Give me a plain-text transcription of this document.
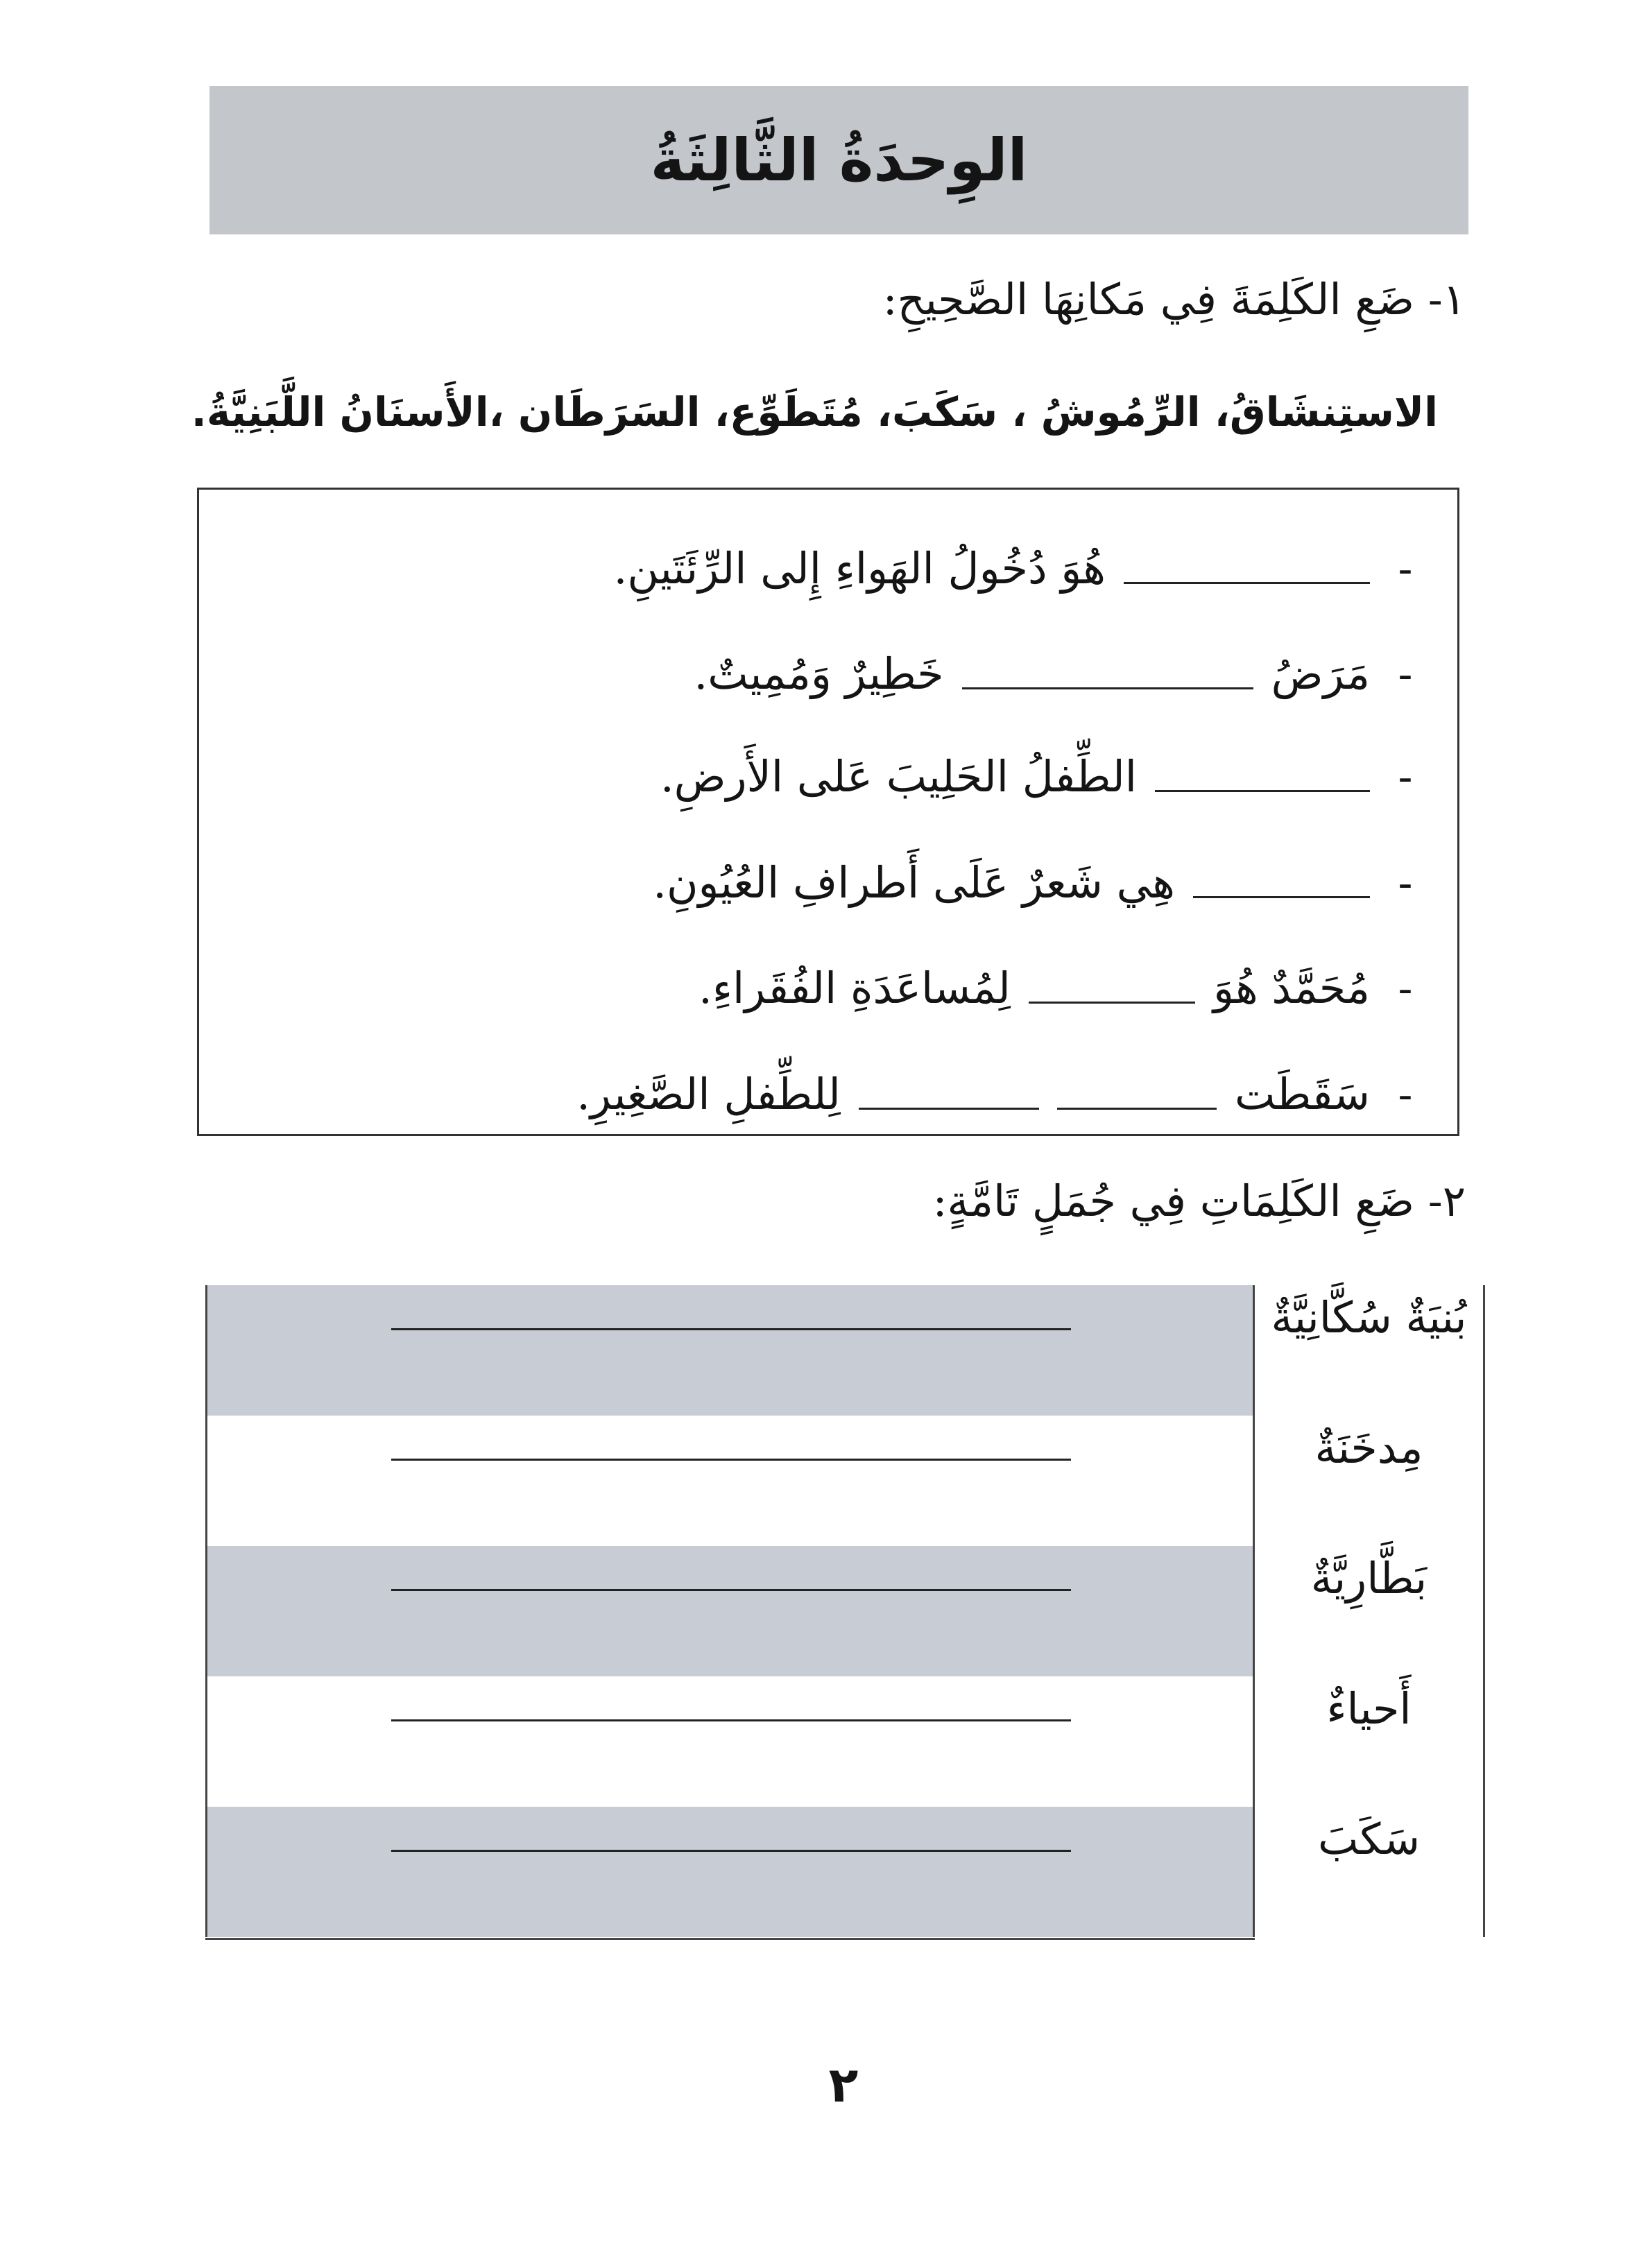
الوِحدَةُ الثَّالِثَةُ
١- ضَعِ الكَلِمَةَ فِي مَكانِهَا الصَّحِيحِ:
الاستِنشَاقُ، الرِّمُوشُ ، سَكَبَ، مُتَطَوِّع، السَرَطَان ،الأَسنَانُ اللَّبَنِيَّةُ.
-
هُوَ دُخُولُ الهَواءِ إِلى الرِّئَتَينِ.
-
مَرَضُ
خَطِيرٌ وَمُمِيتٌ.
-
الطِّفلُ الحَلِيبَ عَلى الأَرضِ.
-
هِي شَعرٌ عَلَى أَطرافِ العُيُونِ.
-
مُحَمَّدٌ هُوَ
لِمُساعَدَةِ الفُقَراءِ.
-
سَقَطَت
لِلطِّفلِ الصَّغِيرِ.
٢- ضَعِ الكَلِمَاتِ فِي جُمَلٍ تَامَّةٍ:
بُنيَةٌ سُكَّانِيَّةٌ
مِدخَنَةٌ
بَطَّارِيَّةٌ
أَحياءٌ
سَكَبَ
٢
